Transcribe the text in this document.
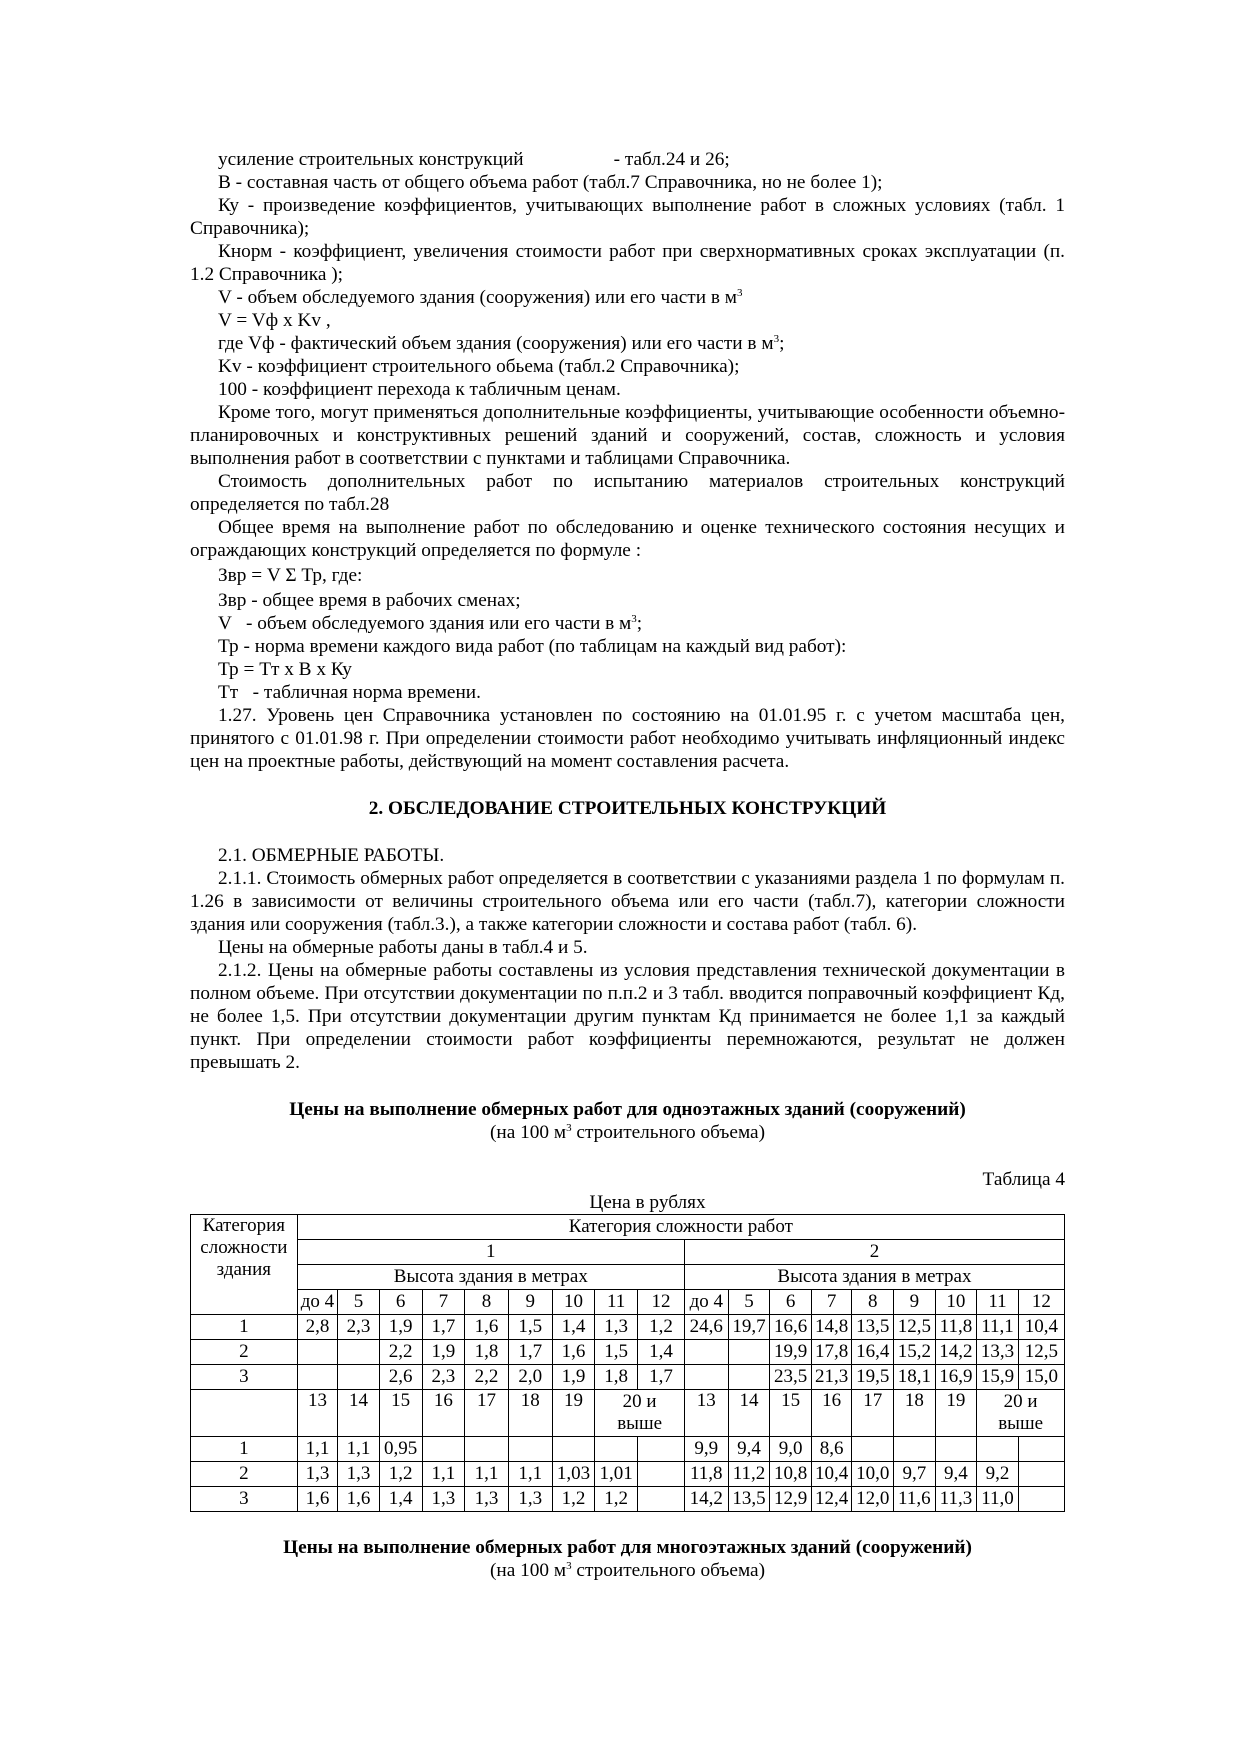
усиление строительных конструкций	- табл.24 и 26;

В - составная часть от общего объема работ (табл.7 Справочника, но не более 1);

Ку - произведение коэффициентов, учитывающих выполнение работ в сложных условиях (табл. 1 Справочника);

Кнорм - коэффициент, увеличения стоимости работ при сверхнормативных сроках эксплуатации (п. 1.2 Справочника );

V - объем обследуемого здания (сооружения) или его части в $м^3$

V = Vф x Kv ,

где Vф - фактический объем здания (сооружения) или его части в $м^3$;

Kv - коэффициент строительного обьема (табл.2 Справочника);

100 - коэффициент перехода к табличным ценам.

Кроме того, могут применяться дополнительные коэффициенты, учитывающие особенности объемно-планировочных и конструктивных решений зданий и сооружений, состав, сложность и условия выполнения работ в соответствии с пунктами и таблицами Справочника.

Стоимость дополнительных работ по испытанию материалов строительных конструкций определяется по табл.28

Общее время на выполнение работ по обследованию и оценке технического состояния несущих и ограждающих конструкций определяется по формуле :

Звр = V Σ Тр, где:

Звр - общее время в рабочих сменах;

V   - объем обследуемого здания или его части в $м^3$;

Тр - норма времени каждого вида работ (по таблицам на каждый вид работ):

Тр = Тт х В х Ку

Тт   - табличная норма времени.

1.27. Уровень цен Справочника установлен по состоянию на 01.01.95 г. с учетом масштаба цен, принятого с 01.01.98 г. При определении стоимости работ необходимо учитывать инфляционный индекс цен на проектные работы, действующий на момент составления расчета.

2. ОБСЛЕДОВАНИЕ СТРОИТЕЛЬНЫХ КОНСТРУКЦИЙ

2.1. ОБМЕРНЫЕ РАБОТЫ.

2.1.1. Стоимость обмерных работ определяется в соответствии с указаниями раздела 1 по формулам п. 1.26 в зависимости от величины строительного объема или его части (табл.7), категории сложности здания или сооружения (табл.3.), а также категории сложности и состава работ (табл. 6).

Цены на обмерные работы даны в табл.4 и 5.

2.1.2. Цены на обмерные работы составлены из условия представления технической документации в полном объеме. При отсутствии документации по п.п.2 и 3 табл. вводится поправочный коэффициент Кд, не более 1,5. При отсутствии документации другим пунктам Кд принимается не более 1,1 за каждый пункт. При определении стоимости работ коэффициенты перемножаются, результат не должен превышать 2.

Цены на выполнение обмерных работ для одноэтажных зданий (сооружений)

(на 100 $м^3$ строительного объема)

Таблица 4

Цена в рублях

Категория сложности здания	Категория сложности работ																	
	1									2								
	Высота здания в метрах									Высота здания в метрах								
	до 4	5	6	7	8	9	10	11	12	до 4	5	6	7	8	9	10	11	12
1	2,8	2,3	1,9	1,7	1,6	1,5	1,4	1,3	1,2	24,6	19,7	16,6	14,8	13,5	12,5	11,8	11,1	10,4
2			2,2	1,9	1,8	1,7	1,6	1,5	1,4			19,9	17,8	16,4	15,2	14,2	13,3	12,5
3			2,6	2,3	2,2	2,0	1,9	1,8	1,7			23,5	21,3	19,5	18,1	16,9	15,9	15,0
	13	14	15	16	17	18	19	20 и выше		13	14	15	16	17	18	19	20 и выше	
1	1,1	1,1	0,95							9,9	9,4	9,0	8,6					
2	1,3	1,3	1,2	1,1	1,1	1,1	1,03	1,01		11,8	11,2	10,8	10,4	10,0	9,7	9,4	9,2	
3	1,6	1,6	1,4	1,3	1,3	1,3	1,2	1,2		14,2	13,5	12,9	12,4	12,0	11,6	11,3	11,0	

Цены на выполнение обмерных работ для многоэтажных зданий (сооружений)

(на 100 $м^3$ строительного объема)
